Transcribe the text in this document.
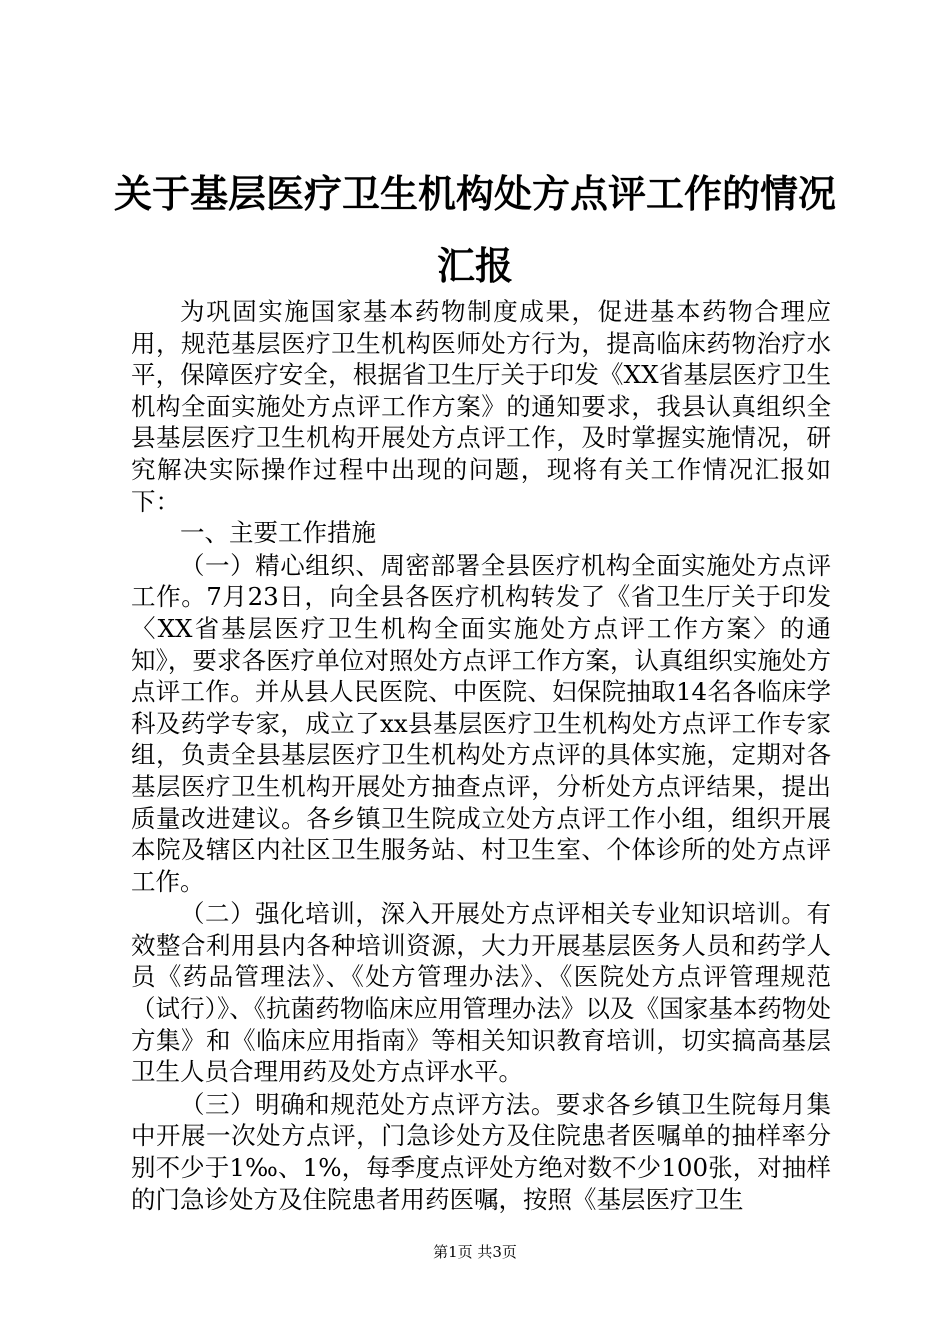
关于基层医疗卫生机构处方点评工作的情况汇报

为巩固实施国家基本药物制度成果，促进基本药物合理应用，规范基层医疗卫生机构医师处方行为，提高临床药物治疗水平，保障医疗安全，根据省卫生厅关于印发《XX省基层医疗卫生机构全面实施处方点评工作方案》的通知要求，我县认真组织全县基层医疗卫生机构开展处方点评工作，及时掌握实施情况，研究解决实际操作过程中出现的问题，现将有关工作情况汇报如下：

一、主要工作措施

（一）精心组织、周密部署全县医疗机构全面实施处方点评工作。7月23日，向全县各医疗机构转发了《省卫生厅关于印发〈XX省基层医疗卫生机构全面实施处方点评工作方案〉的通知》，要求各医疗单位对照处方点评工作方案，认真组织实施处方点评工作。并从县人民医院、中医院、妇保院抽取14名各临床学科及药学专家，成立了xx县基层医疗卫生机构处方点评工作专家组，负责全县基层医疗卫生机构处方点评的具体实施，定期对各基层医疗卫生机构开展处方抽查点评，分析处方点评结果，提出质量改进建议。各乡镇卫生院成立处方点评工作小组，组织开展本院及辖区内社区卫生服务站、村卫生室、个体诊所的处方点评工作。

（二）强化培训，深入开展处方点评相关专业知识培训。有效整合利用县内各种培训资源，大力开展基层医务人员和药学人员《药品管理法》、《处方管理办法》、《医院处方点评管理规范（试行）》、《抗菌药物临床应用管理办法》以及《国家基本药物处方集》和《临床应用指南》等相关知识教育培训，切实搞高基层卫生人员合理用药及处方点评水平。

（三）明确和规范处方点评方法。要求各乡镇卫生院每月集中开展一次处方点评，门急诊处方及住院患者医嘱单的抽样率分别不少于1‰、1%，每季度点评处方绝对数不少100张，对抽样的门急诊处方及住院患者用药医嘱，按照《基层医疗卫生

第1页 共3页
